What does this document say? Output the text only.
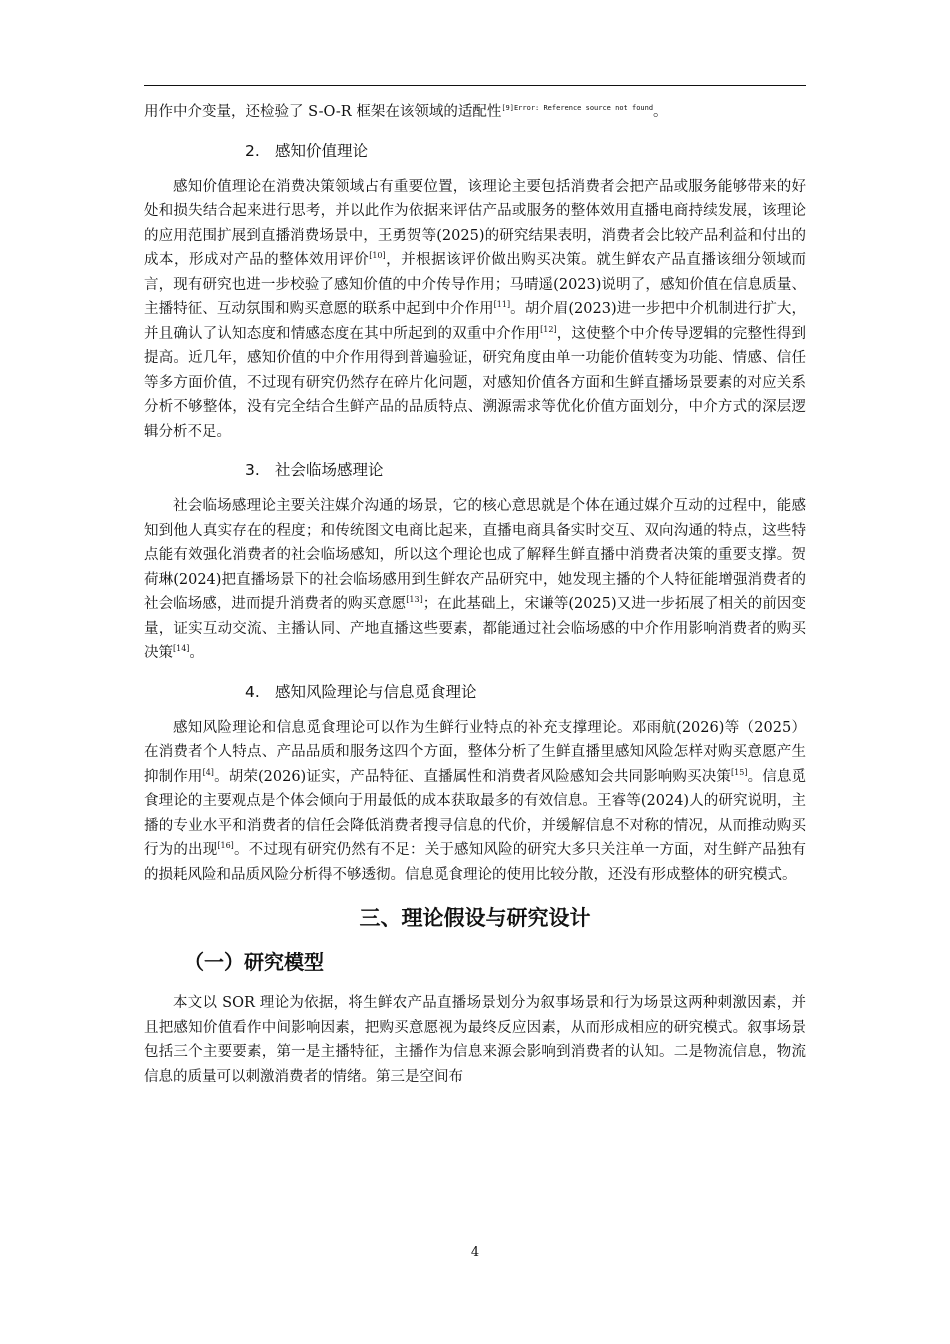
用作中介变量，还检验了 S-O-R 框架在该领域的适配性$^{[9]Error: Reference source not found}$。

2. 感知价值理论

感知价值理论在消费决策领域占有重要位置，该理论主要包括消费者会把产品或服务能够带来的好处和损失结合起来进行思考，并以此作为依据来评估产品或服务的整体效用直播电商持续发展，该理论的应用范围扩展到直播消费场景中，王勇贺等(2025)的研究结果表明，消费者会比较产品利益和付出的成本，形成对产品的整体效用评价[10]，并根据该评价做出购买决策。就生鲜农产品直播该细分领域而言，现有研究也进一步校验了感知价值的中介传导作用；马晴遥(2023)说明了，感知价值在信息质量、主播特征、互动氛围和购买意愿的联系中起到中介作用[11]。胡介眉(2023)进一步把中介机制进行扩大，并且确认了认知态度和情感态度在其中所起到的双重中介作用[12]，这使整个中介传导逻辑的完整性得到提高。近几年，感知价值的中介作用得到普遍验证，研究角度由单一功能价值转变为功能、情感、信任等多方面价值，不过现有研究仍然存在碎片化问题，对感知价值各方面和生鲜直播场景要素的对应关系分析不够整体，没有完全结合生鲜产品的品质特点、溯源需求等优化价值方面划分，中介方式的深层逻辑分析不足。

3. 社会临场感理论

社会临场感理论主要关注媒介沟通的场景，它的核心意思就是个体在通过媒介互动的过程中，能感知到他人真实存在的程度；和传统图文电商比起来，直播电商具备实时交互、双向沟通的特点，这些特点能有效强化消费者的社会临场感知，所以这个理论也成了解释生鲜直播中消费者决策的重要支撑。贺荷琳(2024)把直播场景下的社会临场感用到生鲜农产品研究中，她发现主播的个人特征能增强消费者的社会临场感，进而提升消费者的购买意愿[13]；在此基础上，宋谦等(2025)又进一步拓展了相关的前因变量，证实互动交流、主播认同、产地直播这些要素，都能通过社会临场感的中介作用影响消费者的购买决策[14]。

4. 感知风险理论与信息觅食理论

感知风险理论和信息觅食理论可以作为生鲜行业特点的补充支撑理论。邓雨航(2026)等（2025）在消费者个人特点、产品品质和服务这四个方面，整体分析了生鲜直播里感知风险怎样对购买意愿产生抑制作用[4]。胡荣(2026)证实，产品特征、直播属性和消费者风险感知会共同影响购买决策[15]。信息觅食理论的主要观点是个体会倾向于用最低的成本获取最多的有效信息。王睿等(2024)人的研究说明，主播的专业水平和消费者的信任会降低消费者搜寻信息的代价，并缓解信息不对称的情况，从而推动购买行为的出现[16]。不过现有研究仍然有不足：关于感知风险的研究大多只关注单一方面，对生鲜产品独有的损耗风险和品质风险分析得不够透彻。信息觅食理论的使用比较分散，还没有形成整体的研究模式。

三、理论假设与研究设计
（一）研究模型

本文以 SOR 理论为依据，将生鲜农产品直播场景划分为叙事场景和行为场景这两种刺激因素，并且把感知价值看作中间影响因素，把购买意愿视为最终反应因素，从而形成相应的研究模式。叙事场景包括三个主要要素，第一是主播特征，主播作为信息来源会影响到消费者的认知。二是物流信息，物流信息的质量可以刺激消费者的情绪。第三是空间布

4
